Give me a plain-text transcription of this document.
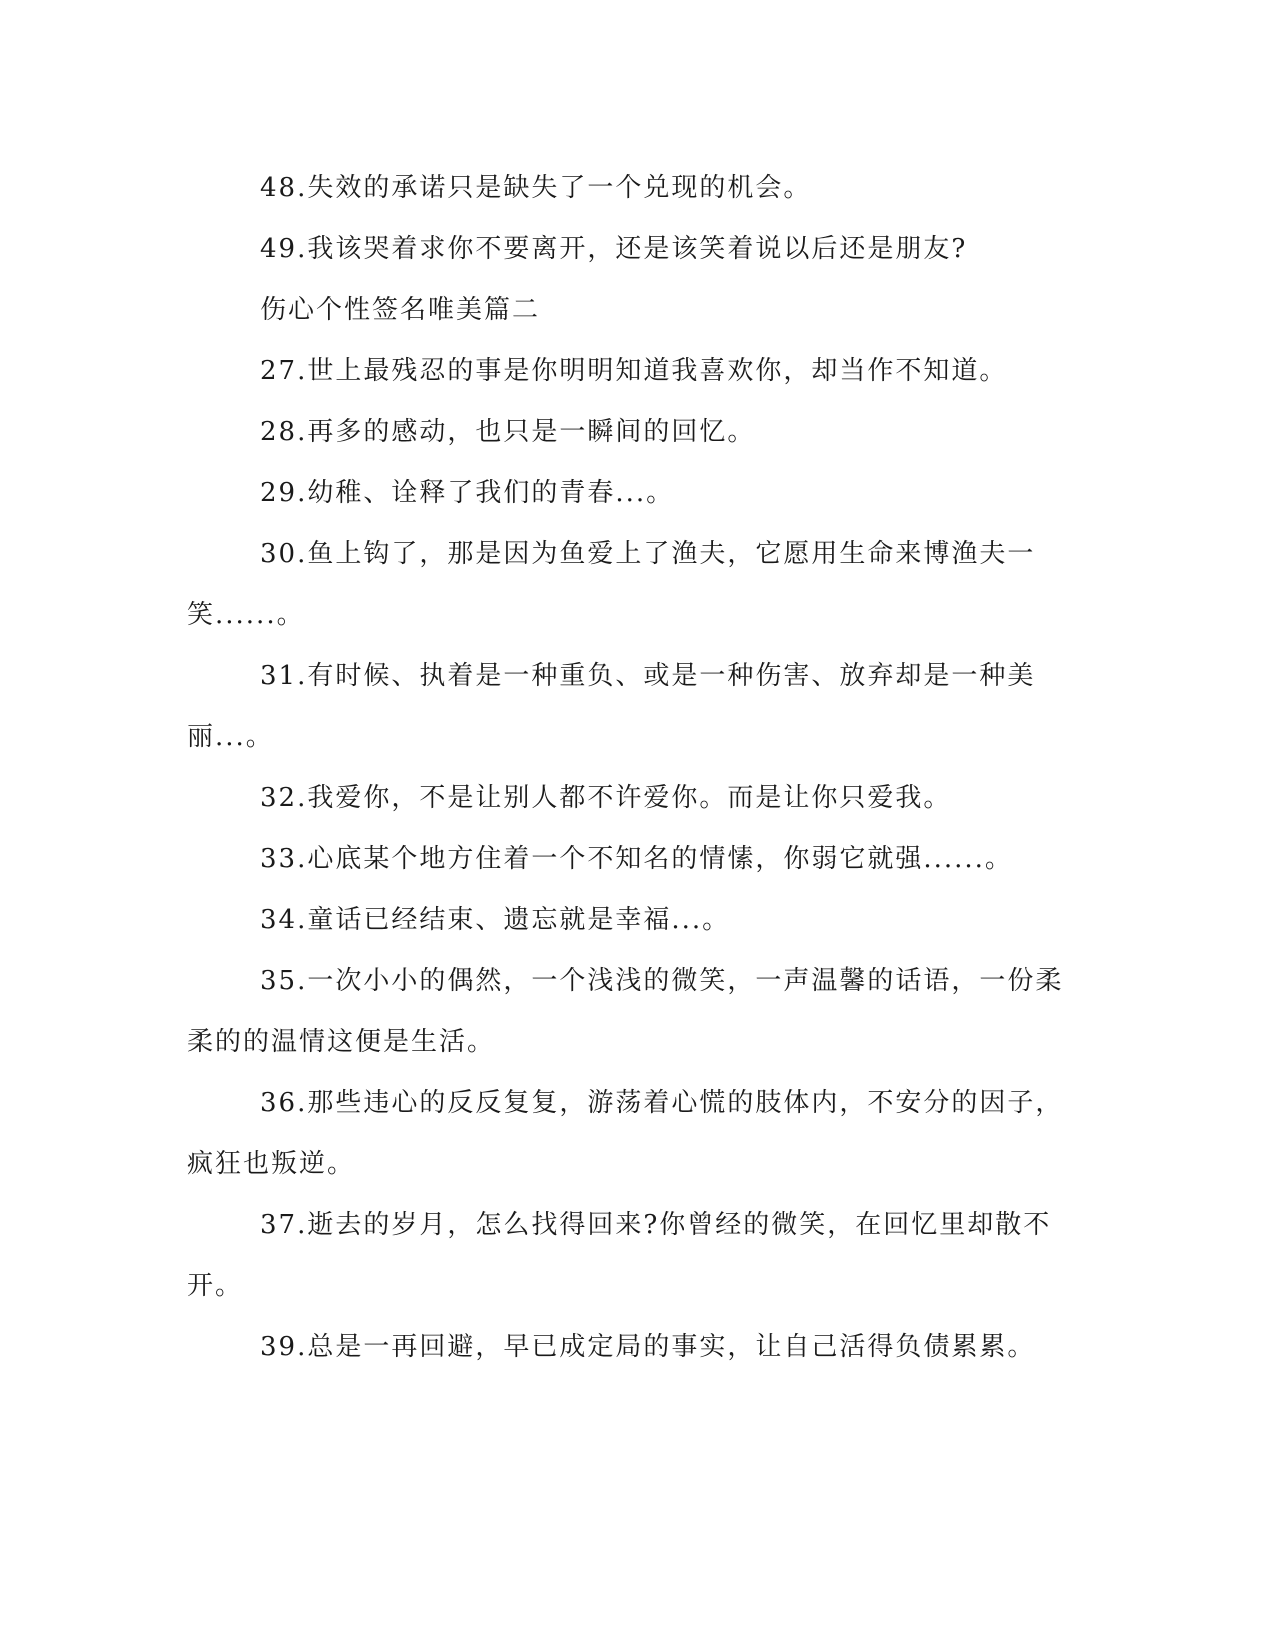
48.失效的承诺只是缺失了一个兑现的机会。

49.我该哭着求你不要离开，还是该笑着说以后还是朋友?

伤心个性签名唯美篇二

27.世上最残忍的事是你明明知道我喜欢你，却当作不知道。

28.再多的感动，也只是一瞬间的回忆。

29.幼稚、诠释了我们的青春...。

30.鱼上钩了，那是因为鱼爱上了渔夫，它愿用生命来博渔夫一笑......。

31.有时候、执着是一种重负、或是一种伤害、放弃却是一种美丽...。

32.我爱你，不是让别人都不许爱你。而是让你只爱我。

33.心底某个地方住着一个不知名的情愫，你弱它就强......。

34.童话已经结束、遗忘就是幸福...。

35.一次小小的偶然，一个浅浅的微笑，一声温馨的话语，一份柔柔的的温情这便是生活。

36.那些违心的反反复复，游荡着心慌的肢体内，不安分的因子，疯狂也叛逆。

37.逝去的岁月，怎么找得回来?你曾经的微笑，在回忆里却散不开。

39.总是一再回避，早已成定局的事实，让自己活得负债累累。
